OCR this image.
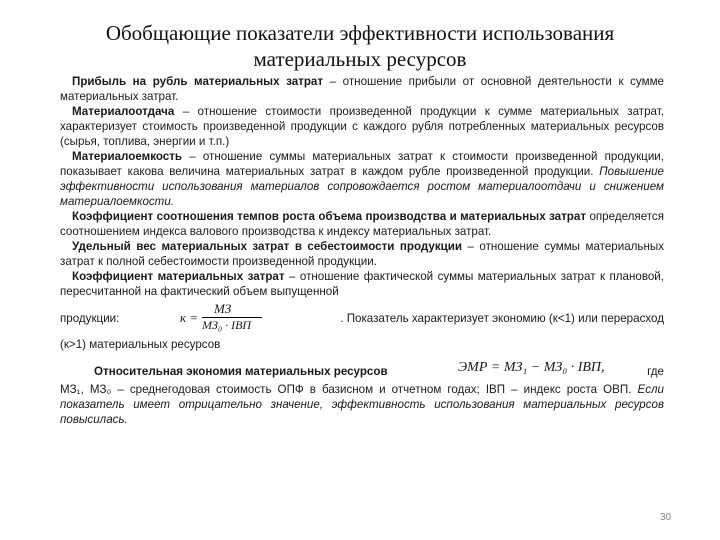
Обобщающие показатели эффективности использования
материальных ресурсов

Прибыль на рубль материальных затрат – отношение прибыли от основной деятельности к сумме материальных затрат.

Материалоотдача – отношение стоимости произведенной продукции к сумме материальных затрат, характеризует стоимость произведенной продукции с каждого рубля потребленных материальных ресурсов (сырья, топлива, энергии и т.п.)

Материалоемкость – отношение суммы материальных затрат к стоимости произведенной продукции, показывает какова величина материальных затрат в каждом рубле произведенной продукции. Повышение эффективности использования материалов сопровождается ростом материалоотдачи и снижением материалоемкости.

Коэффициент соотношения темпов роста объема производства и материальных затрат определяется соотношением индекса валового производства к индексу материальных затрат.

Удельный вес материальных затрат в себестоимости продукции – отношение суммы материальных затрат к полной себестоимости произведенной продукции.

Коэффициент материальных затрат – отношение фактической суммы материальных затрат к плановой, пересчитанной на фактический объем выпущенной

продукции:	к =
МЗ
МЗ₀ · IВП	. Показатель характеризует экономию (к<1) или перерасход

(к>1) материальных ресурсов

Относительная экономия материальных ресурсов	ЭМР = МЗ₁ − МЗ₀ · IВП,	где

МЗ₁, МЗ₀ – среднегодовая стоимость ОПФ в базисном и отчетном годах; IВП – индекс роста ОВП. Если показатель имеет отрицательно значение, эффективность использования материальных ресурсов повысилась.

30
